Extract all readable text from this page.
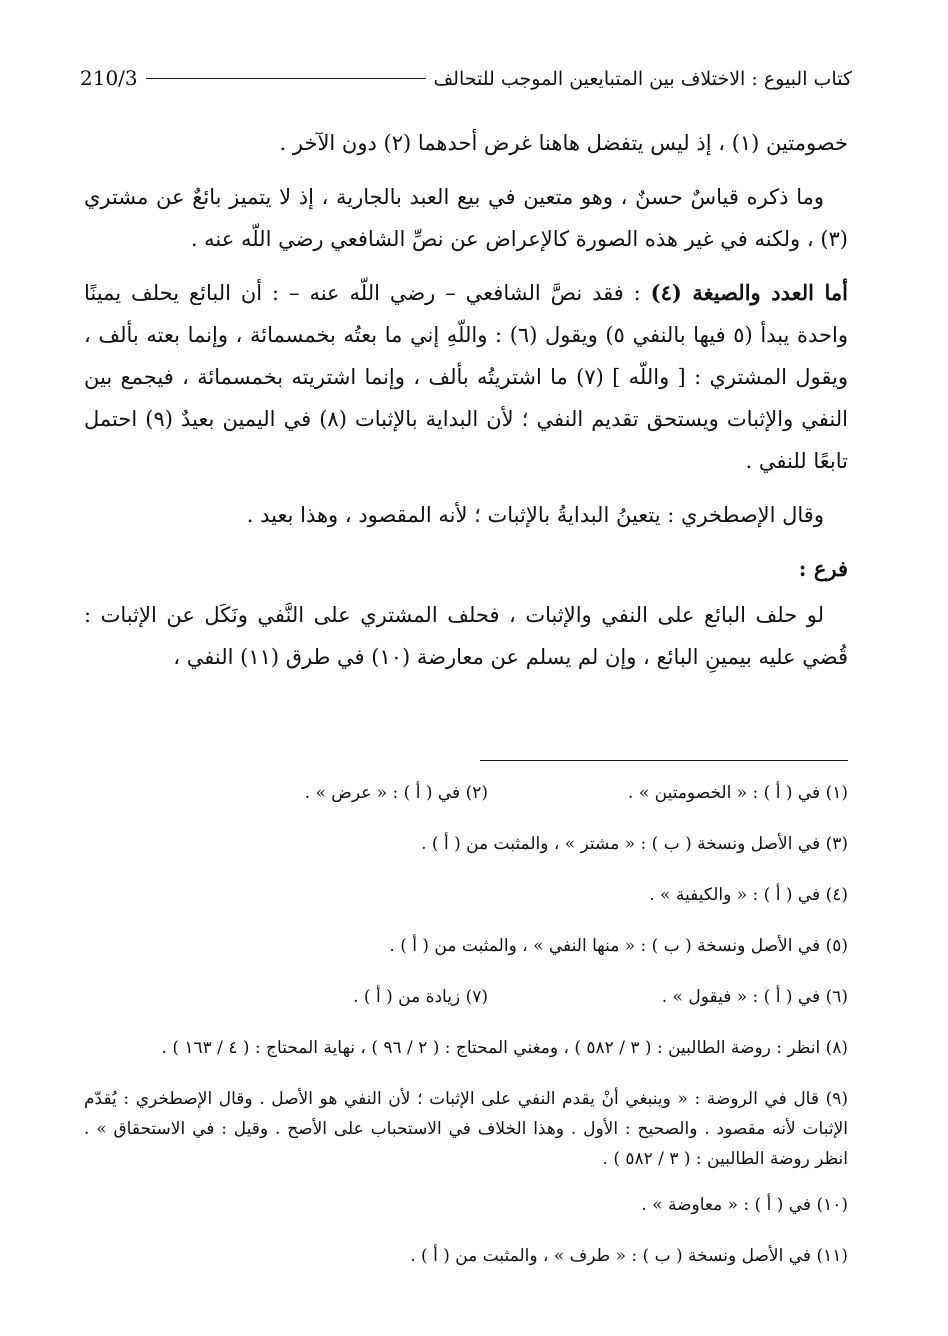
210/3	كتاب البيوع : الاختلاف بين المتبايعين الموجب للتحالف

خصومتين (١) ، إذ ليس يتفضل هاهنا غرض أحدهما (٢) دون الآخر .

وما ذكره قياسٌ حسنٌ ، وهو متعين في بيع العبد بالجارية ، إذ لا يتميز بائعٌ عن مشتري (٣) ، ولكنه في غير هذه الصورة كالإعراض عن نصِّ الشافعي رضي اللّه عنه .

أما العدد والصيغة (٤) : فقد نصَّ الشافعي – رضي اللّه عنه – : أن البائع يحلف يمينًا واحدة يبدأ (٥ فيها بالنفي ٥) ويقول (٦) : واللّهِ إني ما بعتُه بخمسمائة ، وإنما بعته بألف ، ويقول المشتري : [ واللّه ] (٧) ما اشتريتُه بألف ، وإنما اشتريته بخمسمائة ، فيجمع بين النفي والإثبات ويستحق تقديم النفي ؛ لأن البداية بالإثبات (٨) في اليمين بعيدٌ (٩) احتمل تابعًا للنفي .

وقال الإصطخري : يتعينُ البدايةُ بالإثبات ؛ لأنه المقصود ، وهذا بعيد .

فرع :

لو حلف البائع على النفي والإثبات ، فحلف المشتري على النَّفي ونَكَل عن الإثبات : قُضي عليه بيمينِ البائع ، وإن لم يسلم عن معارضة (١٠) في طرق (١١) النفي ،

(١) في ( أ ) : « الخصومتين » .
(٢) في ( أ ) : « عرض » .
(٣) في الأصل ونسخة ( ب ) : « مشتر » ، والمثبت من ( أ ) .
(٤) في ( أ ) : « والكيفية » .
(٥) في الأصل ونسخة ( ب ) : « منها النفي » ، والمثبت من ( أ ) .
(٦) في ( أ ) : « فيقول » .
(٧) زيادة من ( أ ) .
(٨) انظر : روضة الطالبين : ( ٣ / ٥٨٢ ) ، ومغني المحتاج : ( ٢ / ٩٦ ) ، نهاية المحتاج : ( ٤ / ١٦٣ ) .
(٩) قال في الروضة : « وينبغي أنْ يقدم النفي على الإثبات ؛ لأن النفي هو الأصل . وقال الإصطخري : يُقدّم الإثبات لأنه مقصود . والصحيح : الأول . وهذا الخلاف في الاستحباب على الأصح . وقيل : في الاستحقاق » . انظر روضة الطالبين : ( ٣ / ٥٨٢ ) .
(١٠) في ( أ ) : « معاوضة » .
(١١) في الأصل ونسخة ( ب ) : « طرف » ، والمثبت من ( أ ) .
